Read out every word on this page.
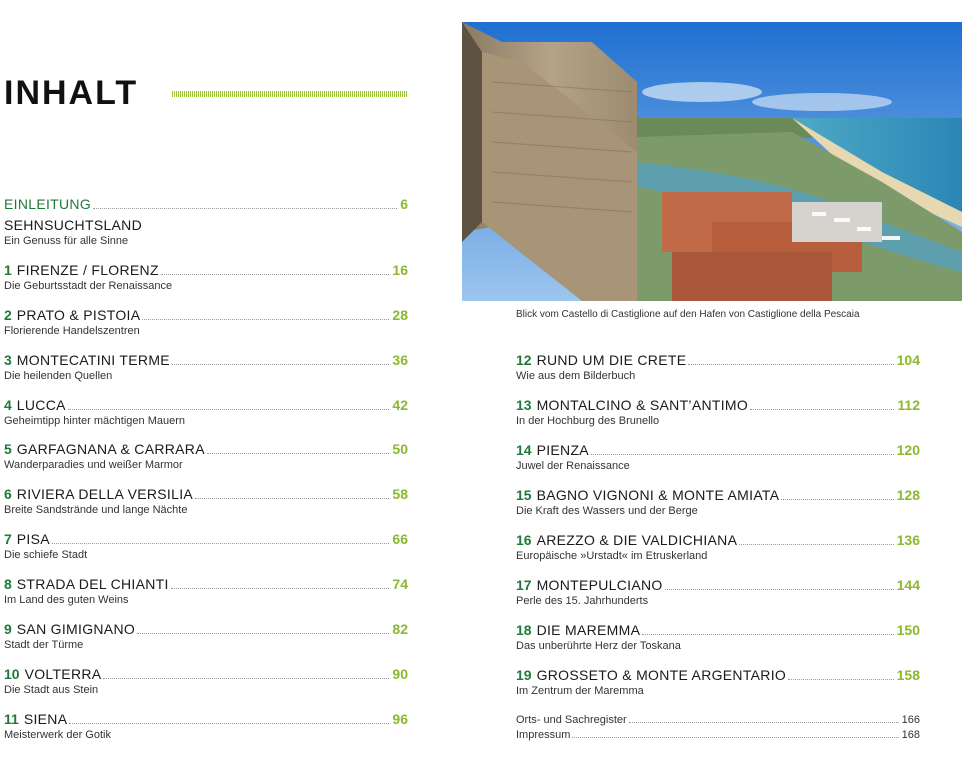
INHALT
EINLEITUNG	6
SEHNSUCHTSLAND
Ein Genuss für alle Sinne
1 FIRENZE / FLORENZ	16
Die Geburtsstadt der Renaissance
2 PRATO & PISTOIA	28
Florierende Handelszentren
3 MONTECATINI TERME	36
Die heilenden Quellen
4 LUCCA	42
Geheimtipp hinter mächtigen Mauern
5 GARFAGNANA & CARRARA	50
Wanderparadies und weißer Marmor
6 RIVIERA DELLA VERSILIA	58
Breite Sandstrände und lange Nächte
7 PISA	66
Die schiefe Stadt
8 STRADA DEL CHIANTI	74
Im Land des guten Weins
9 SAN GIMIGNANO	82
Stadt der Türme
10 VOLTERRA	90
Die Stadt aus Stein
11 SIENA	96
Meisterwerk der Gotik
Blick vom Castello di Castiglione auf den Hafen von Castiglione della Pescaia
12 RUND UM DIE CRETE	104
Wie aus dem Bilderbuch
13 MONTALCINO & SANT’ANTIMO	112
In der Hochburg des Brunello
14 PIENZA	120
Juwel der Renaissance
15 BAGNO VIGNONI & MONTE AMIATA	128
Die Kraft des Wassers und der Berge
16 AREZZO & DIE VALDICHIANA	136
Europäische »Urstadt« im Etruskerland
17 MONTEPULCIANO	144
Perle des 15. Jahrhunderts
18 DIE MAREMMA	150
Das unberührte Herz der Toskana
19 GROSSETO & MONTE ARGENTARIO	158
Im Zentrum der Maremma
Orts- und Sachregister	166
Impressum	168
